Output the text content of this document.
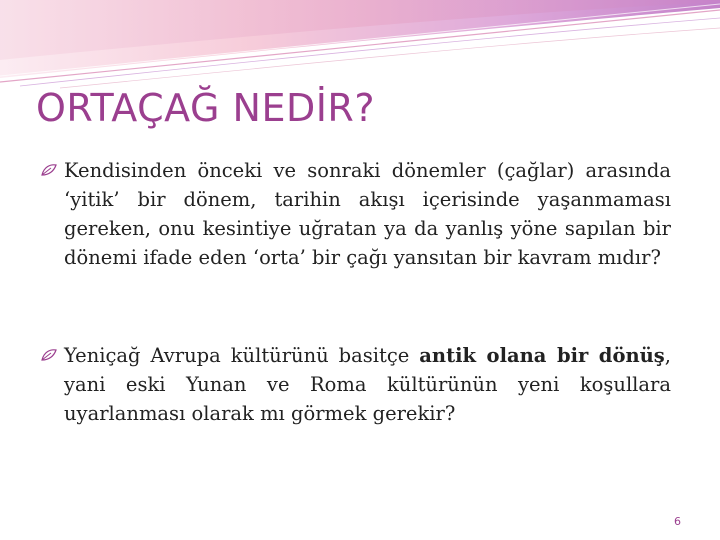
ORTAÇAĞ NEDİR?
Kendisinden önceki ve sonraki dönemler (çağlar) arasında ‘yitik’ bir dönem, tarihin akışı içerisinde yaşanmaması gereken, onu kesintiye uğratan ya da yanlış yöne sapılan bir dönemi ifade eden ‘orta’ bir çağı yansıtan bir kavram mıdır?
Yeniçağ Avrupa kültürünü basitçe antik olana bir dönüş, yani eski Yunan ve Roma kültürünün yeni koşullara uyarlanması olarak mı görmek gerekir?
6
